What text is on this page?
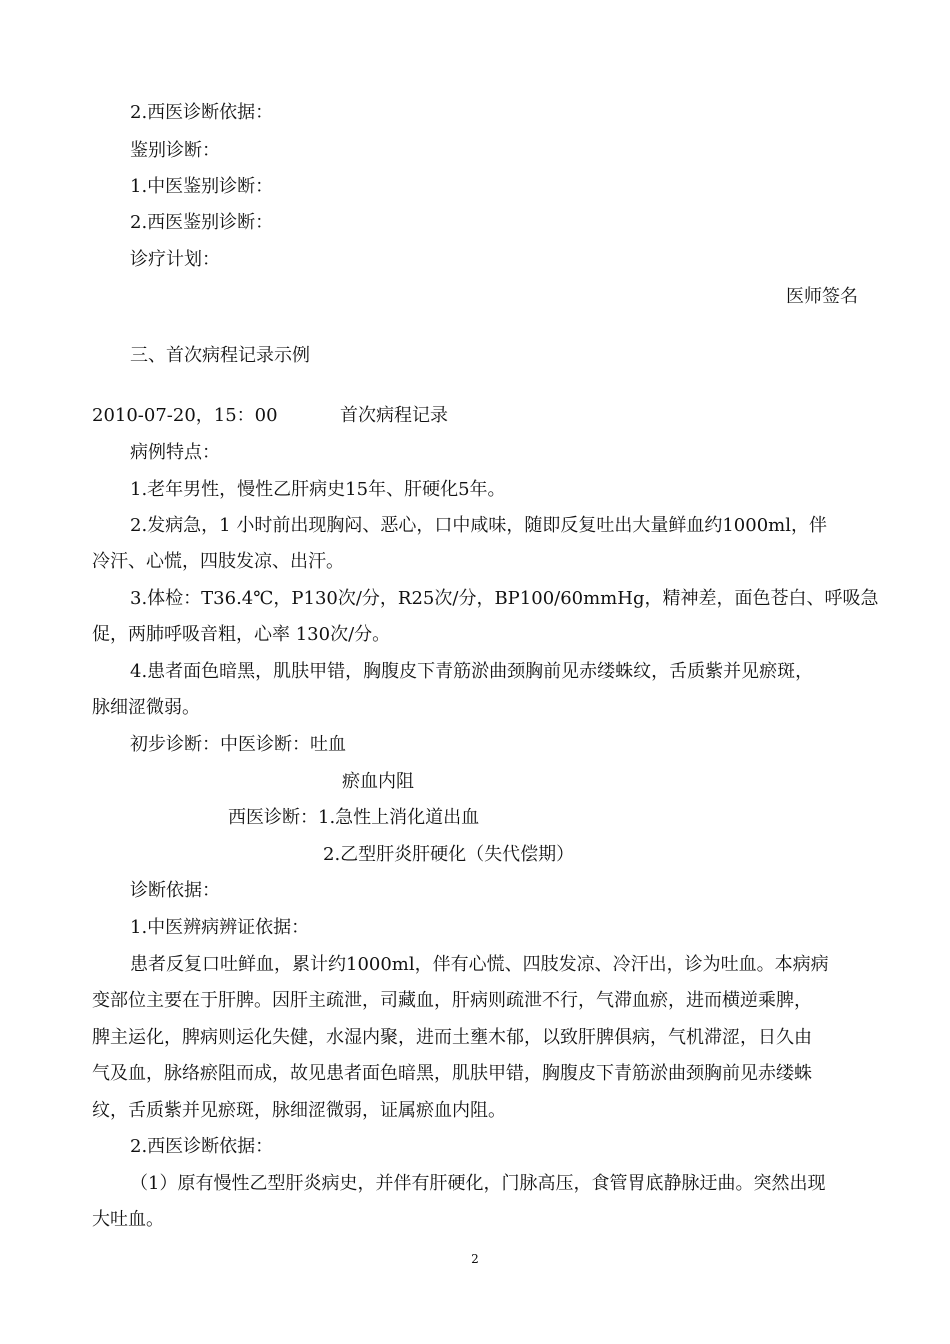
2.西医诊断依据：
鉴别诊断：
1.中医鉴别诊断：
2.西医鉴别诊断：
诊疗计划：
医师签名
三、首次病程记录示例
2010-07-20，15：00	首次病程记录
病例特点：
1.老年男性，慢性乙肝病史15年、肝硬化5年。
2.发病急，1 小时前出现胸闷、恶心，口中咸味，随即反复吐出大量鲜血约1000ml，伴
冷汗、心慌，四肢发凉、出汗。
3.体检：T36.4℃，P130次/分，R25次/分，BP100/60mmHg，精神差，面色苍白、呼吸急
促，两肺呼吸音粗，心率 130次/分。
4.患者面色暗黑，肌肤甲错，胸腹皮下青筋淤曲颈胸前见赤缕蛛纹，舌质紫并见瘀斑，
脉细涩微弱。
初步诊断：中医诊断：吐血
瘀血内阻
西医诊断：1.急性上消化道出血
2.乙型肝炎肝硬化（失代偿期）
诊断依据：
1.中医辨病辨证依据：
患者反复口吐鲜血，累计约1000ml，伴有心慌、四肢发凉、冷汗出，诊为吐血。本病病
变部位主要在于肝脾。因肝主疏泄，司藏血，肝病则疏泄不行，气滞血瘀，进而横逆乘脾，
脾主运化，脾病则运化失健，水湿内聚，进而土壅木郁，以致肝脾俱病，气机滞涩，日久由
气及血，脉络瘀阻而成，故见患者面色暗黑，肌肤甲错，胸腹皮下青筋淤曲颈胸前见赤缕蛛
纹，舌质紫并见瘀斑，脉细涩微弱，证属瘀血内阻。
2.西医诊断依据：
（1）原有慢性乙型肝炎病史，并伴有肝硬化，门脉高压，食管胃底静脉迂曲。突然出现
大吐血。
2
